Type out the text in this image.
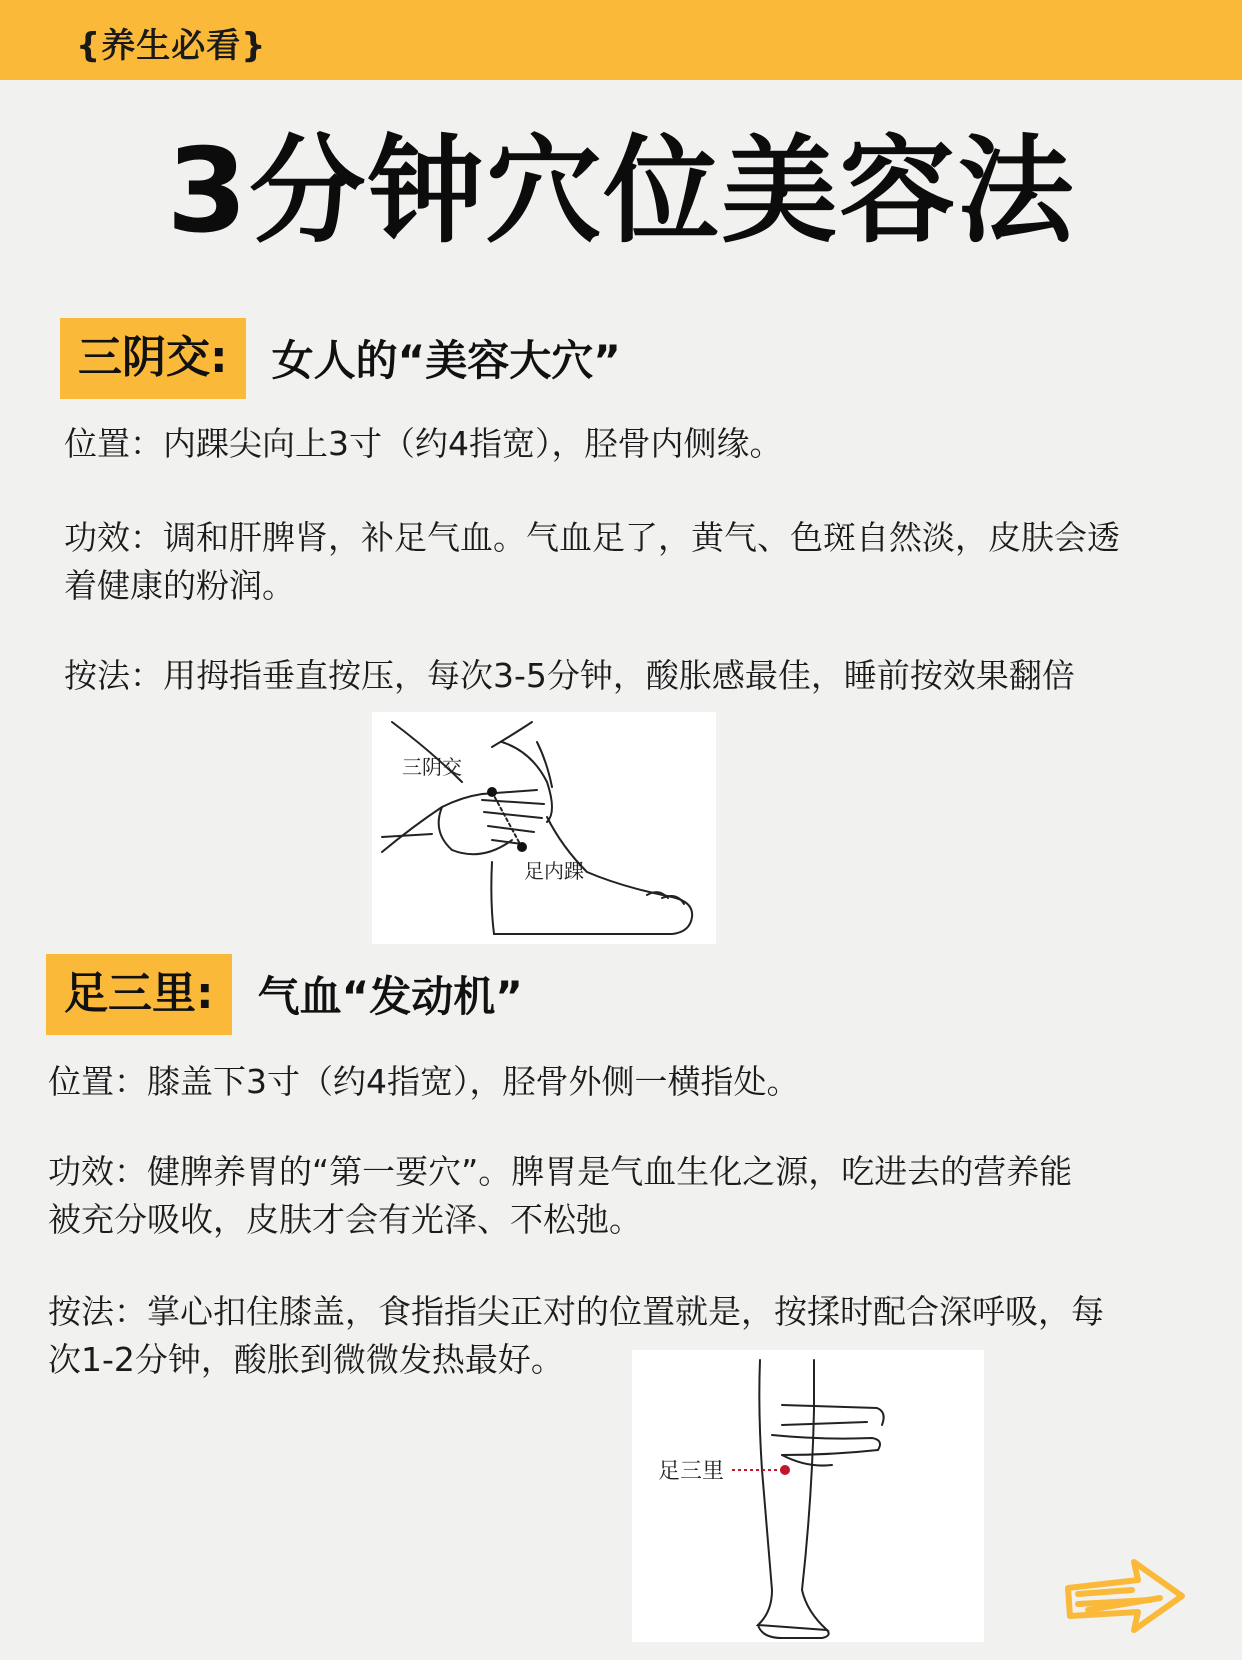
{养生必看}
3分钟穴位美容法
三阴交:	女人的“美容大穴”
位置：内踝尖向上3寸（约4指宽），胫骨内侧缘。
功效：调和肝脾肾，补足气血。气血足了，黄气、色斑自然淡，皮肤会透
着健康的粉润。
按法：用拇指垂直按压，每次3-5分钟，酸胀感最佳，睡前按效果翻倍
三阴交
足内踝
足三里:	气血“发动机”
位置：膝盖下3寸（约4指宽），胫骨外侧一横指处。
功效：健脾养胃的“第一要穴”。脾胃是气血生化之源，吃进去的营养能
被充分吸收，皮肤才会有光泽、不松弛。
按法：掌心扣住膝盖，食指指尖正对的位置就是，按揉时配合深呼吸，每
次1-2分钟，酸胀到微微发热最好。
足三里
